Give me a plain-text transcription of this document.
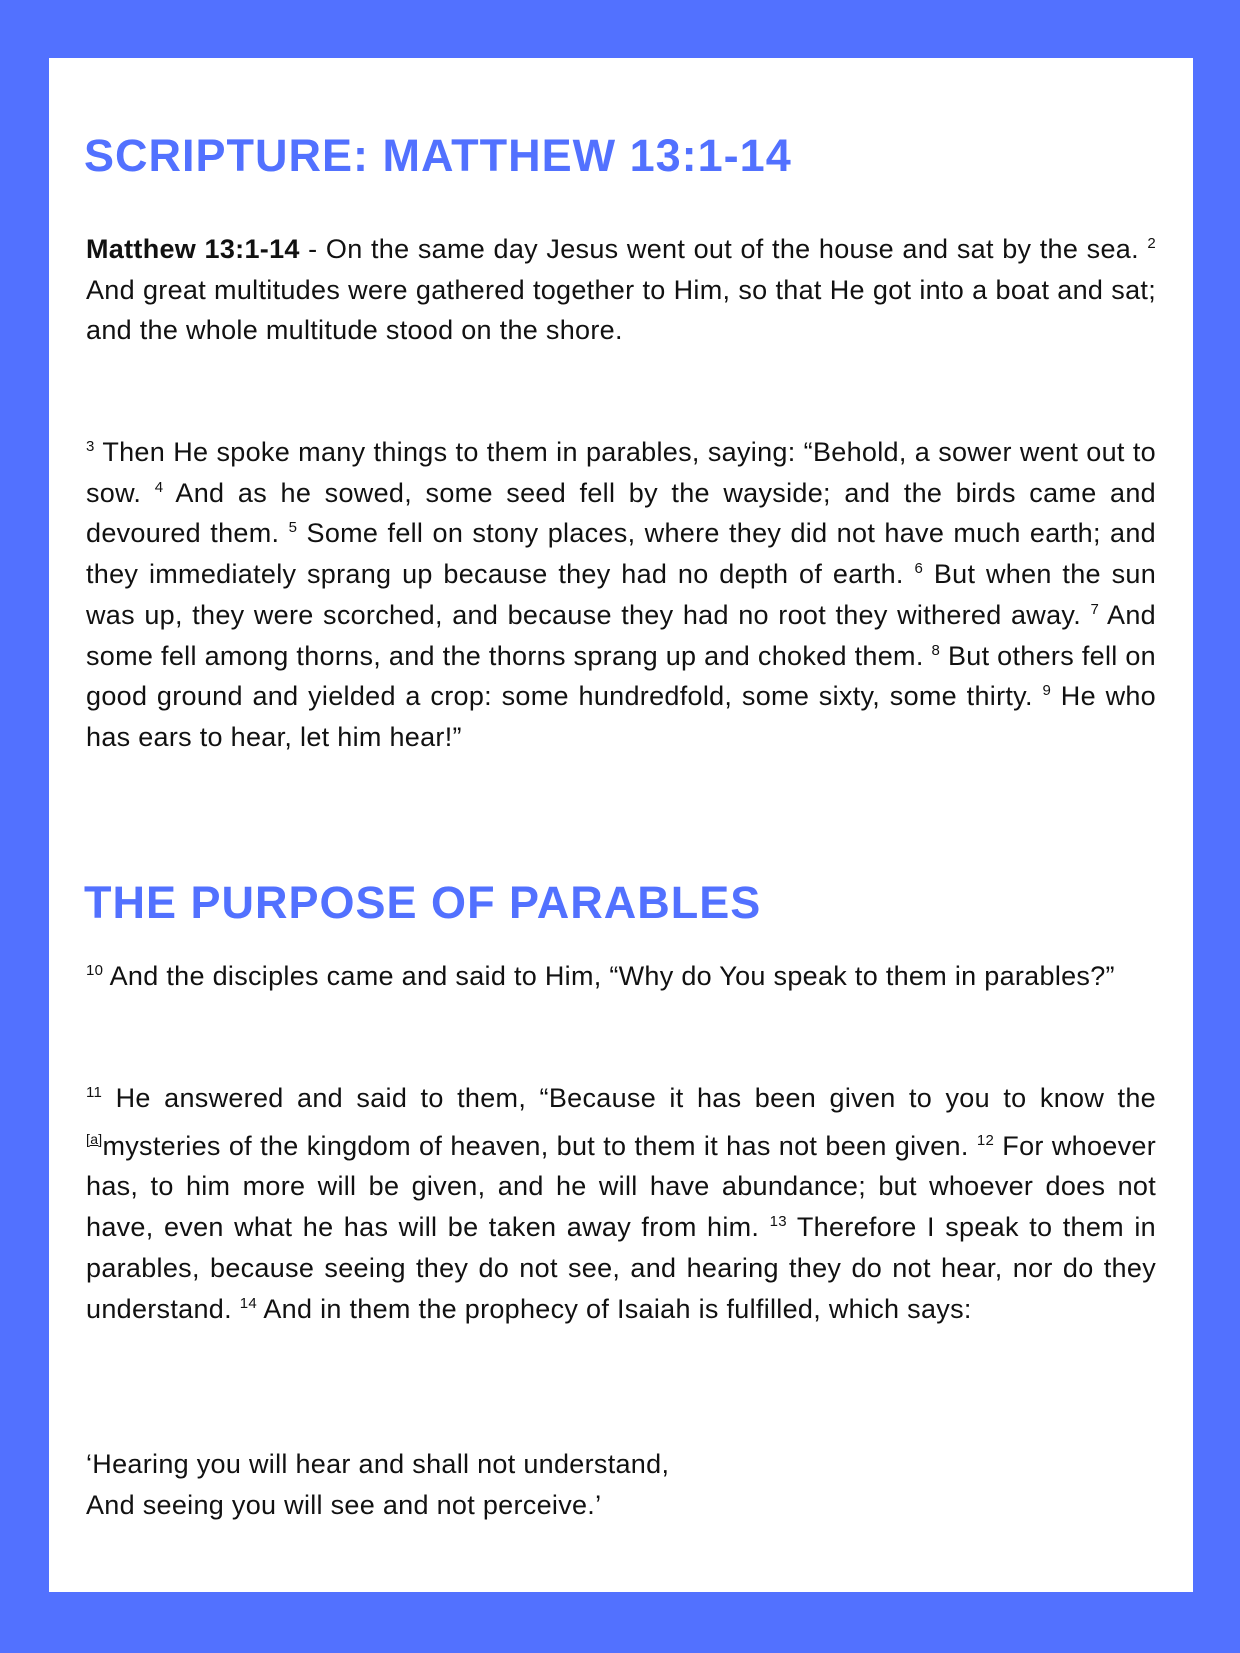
SCRIPTURE: MATTHEW 13:1-14

Matthew 13:1-14 - On the same day Jesus went out of the house and sat by the sea. $^2$ And great multitudes were gathered together to Him, so that He got into a boat and sat; and the whole multitude stood on the shore.

$^3$ Then He spoke many things to them in parables, saying: “Behold, a sower went out to sow. $^4$ And as he sowed, some seed fell by the wayside; and the birds came and devoured them. $^5$ Some fell on stony places, where they did not have much earth; and they immediately sprang up because they had no depth of earth. $^6$ But when the sun was up, they were scorched, and because they had no root they withered away. $^7$ And some fell among thorns, and the thorns sprang up and choked them. $^8$ But others fell on good ground and yielded a crop: some hundredfold, some sixty, some thirty. $^9$ He who has ears to hear, let him hear!”

THE PURPOSE OF PARABLES

$^{10}$ And the disciples came and said to Him, “Why do You speak to them in parables?”

$^{11}$ He answered and said to them, “Because it has been given to you to know the [a]mysteries of the kingdom of heaven, but to them it has not been given. $^{12}$ For whoever has, to him more will be given, and he will have abundance; but whoever does not have, even what he has will be taken away from him. $^{13}$ Therefore I speak to them in parables, because seeing they do not see, and hearing they do not hear, nor do they understand. $^{14}$ And in them the prophecy of Isaiah is fulfilled, which says:

‘Hearing you will hear and shall not understand,
And seeing you will see and not perceive.’
